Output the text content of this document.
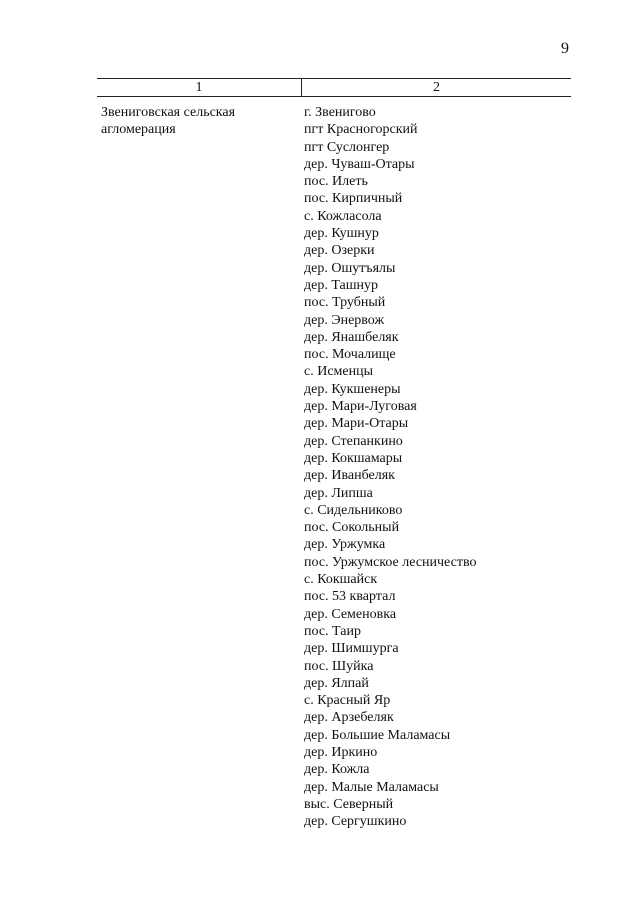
9
1	2
Звениговская сельская
агломерация
г. Звенигово
пгт Красногорский
пгт Суслонгер
дер. Чуваш-Отары
пос. Илеть
пос. Кирпичный
с. Кожласола
дер. Кушнур
дер. Озерки
дер. Ошутъялы
дер. Ташнур
пос. Трубный
дер. Энервож
дер. Янашбеляк
пос. Мочалище
с. Исменцы
дер. Кукшенеры
дер. Мари-Луговая
дер. Мари-Отары
дер. Степанкино
дер. Кокшамары
дер. Иванбеляк
дер. Липша
с. Сидельниково
пос. Сокольный
дер. Уржумка
пос. Уржумское лесничество
с. Кокшайск
пос. 53 квартал
дер. Семеновка
пос. Таир
дер. Шимшурга
пос. Шуйка
дер. Ялпай
с. Красный Яр
дер. Арзебеляк
дер. Большие Маламасы
дер. Иркино
дер. Кожла
дер. Малые Маламасы
выс. Северный
дер. Сергушкино
